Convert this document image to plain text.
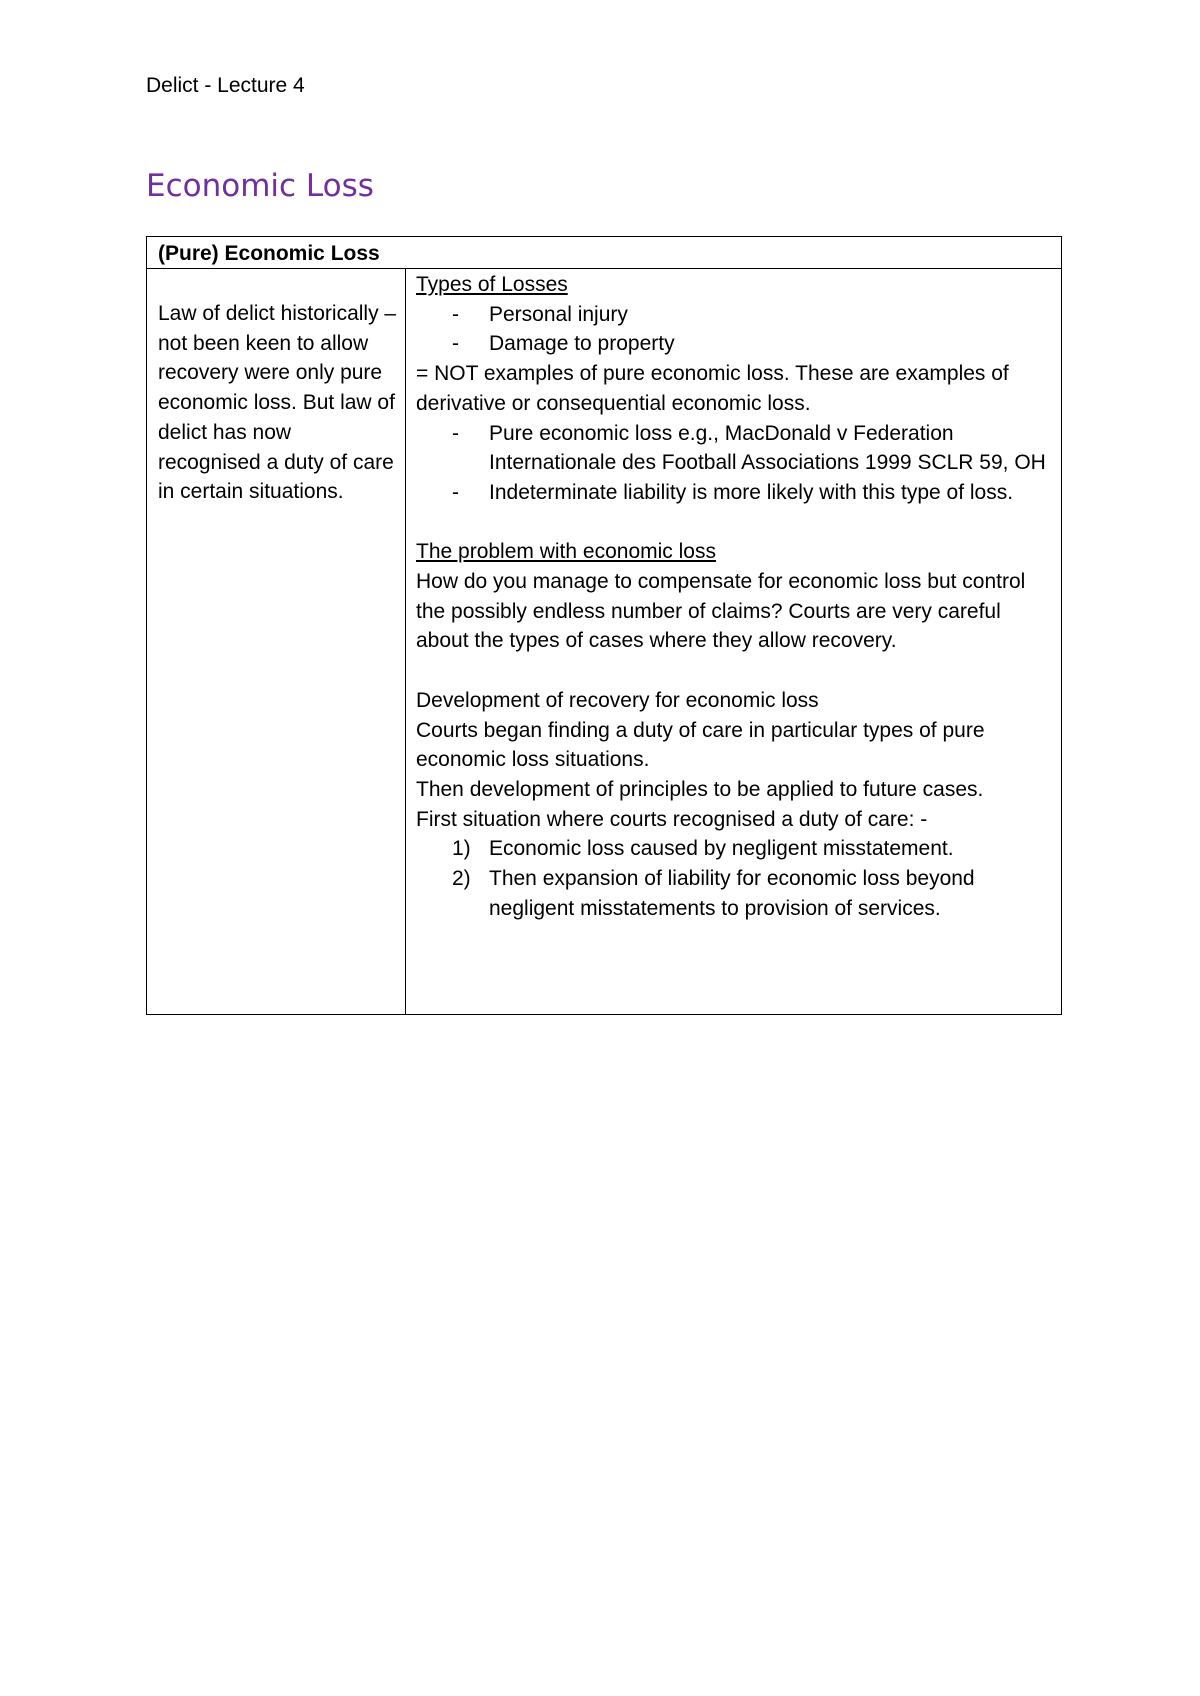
Delict - Lecture 4
Economic Loss
(Pure) Economic Loss
Law of delict historically – not been keen to allow recovery were only pure economic loss. But law of delict has now recognised a duty of care in certain situations.
Types of Losses
- Personal injury
- Damage to property
= NOT examples of pure economic loss. These are examples of derivative or consequential economic loss.
- Pure economic loss e.g., MacDonald v Federation Internationale des Football Associations 1999 SCLR 59, OH
- Indeterminate liability is more likely with this type of loss.
The problem with economic loss
How do you manage to compensate for economic loss but control the possibly endless number of claims? Courts are very careful about the types of cases where they allow recovery.
Development of recovery for economic loss
Courts began finding a duty of care in particular types of pure economic loss situations.
Then development of principles to be applied to future cases.
First situation where courts recognised a duty of care: -
1) Economic loss caused by negligent misstatement.
2) Then expansion of liability for economic loss beyond negligent misstatements to provision of services.
